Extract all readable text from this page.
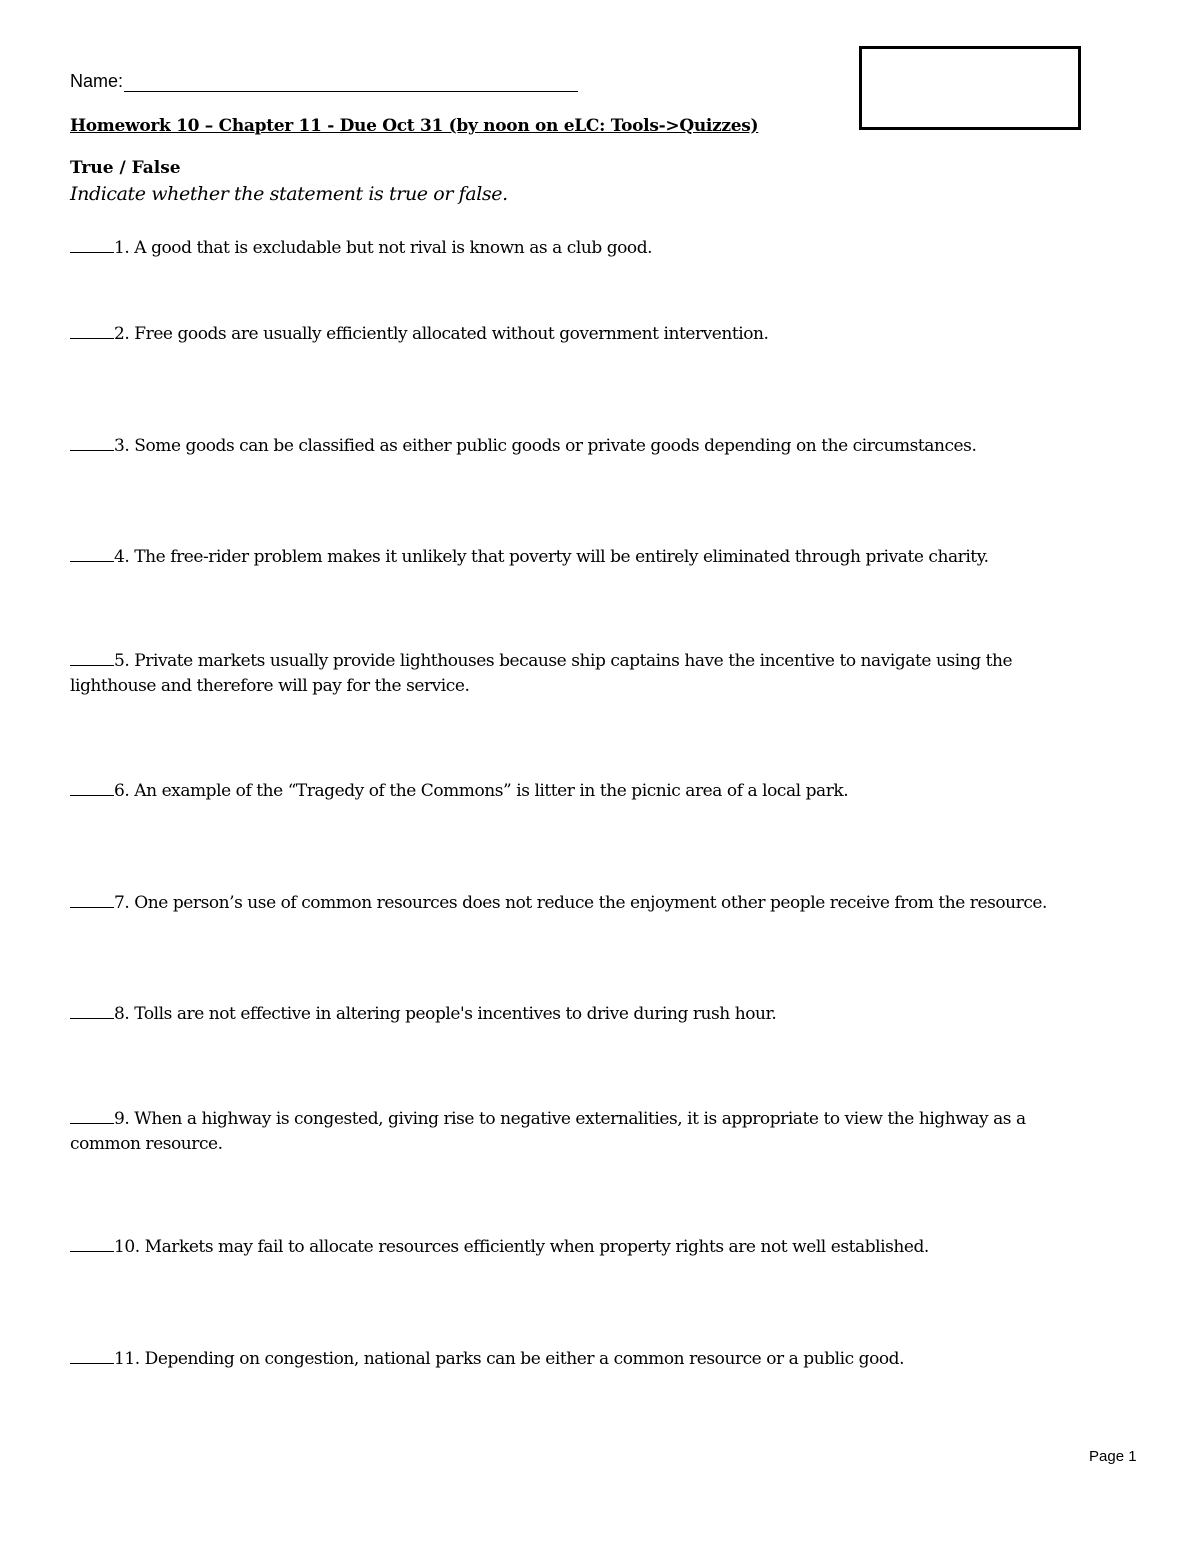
Name:
Homework 10 – Chapter 11 - Due Oct 31 (by noon on eLC: Tools->Quizzes)
True / False
Indicate whether the statement is true or false.
1. A good that is excludable but not rival is known as a club good.
2. Free goods are usually efficiently allocated without government intervention.
3. Some goods can be classified as either public goods or private goods depending on the circumstances.
4. The free-rider problem makes it unlikely that poverty will be entirely eliminated through private charity.
5. Private markets usually provide lighthouses because ship captains have the incentive to navigate using the lighthouse and therefore will pay for the service.
6. An example of the “Tragedy of the Commons” is litter in the picnic area of a local park.
7. One person’s use of common resources does not reduce the enjoyment other people receive from the resource.
8. Tolls are not effective in altering people's incentives to drive during rush hour.
9. When a highway is congested, giving rise to negative externalities, it is appropriate to view the highway as a common resource.
10. Markets may fail to allocate resources efficiently when property rights are not well established.
11. Depending on congestion, national parks can be either a common resource or a public good.
Page 1
